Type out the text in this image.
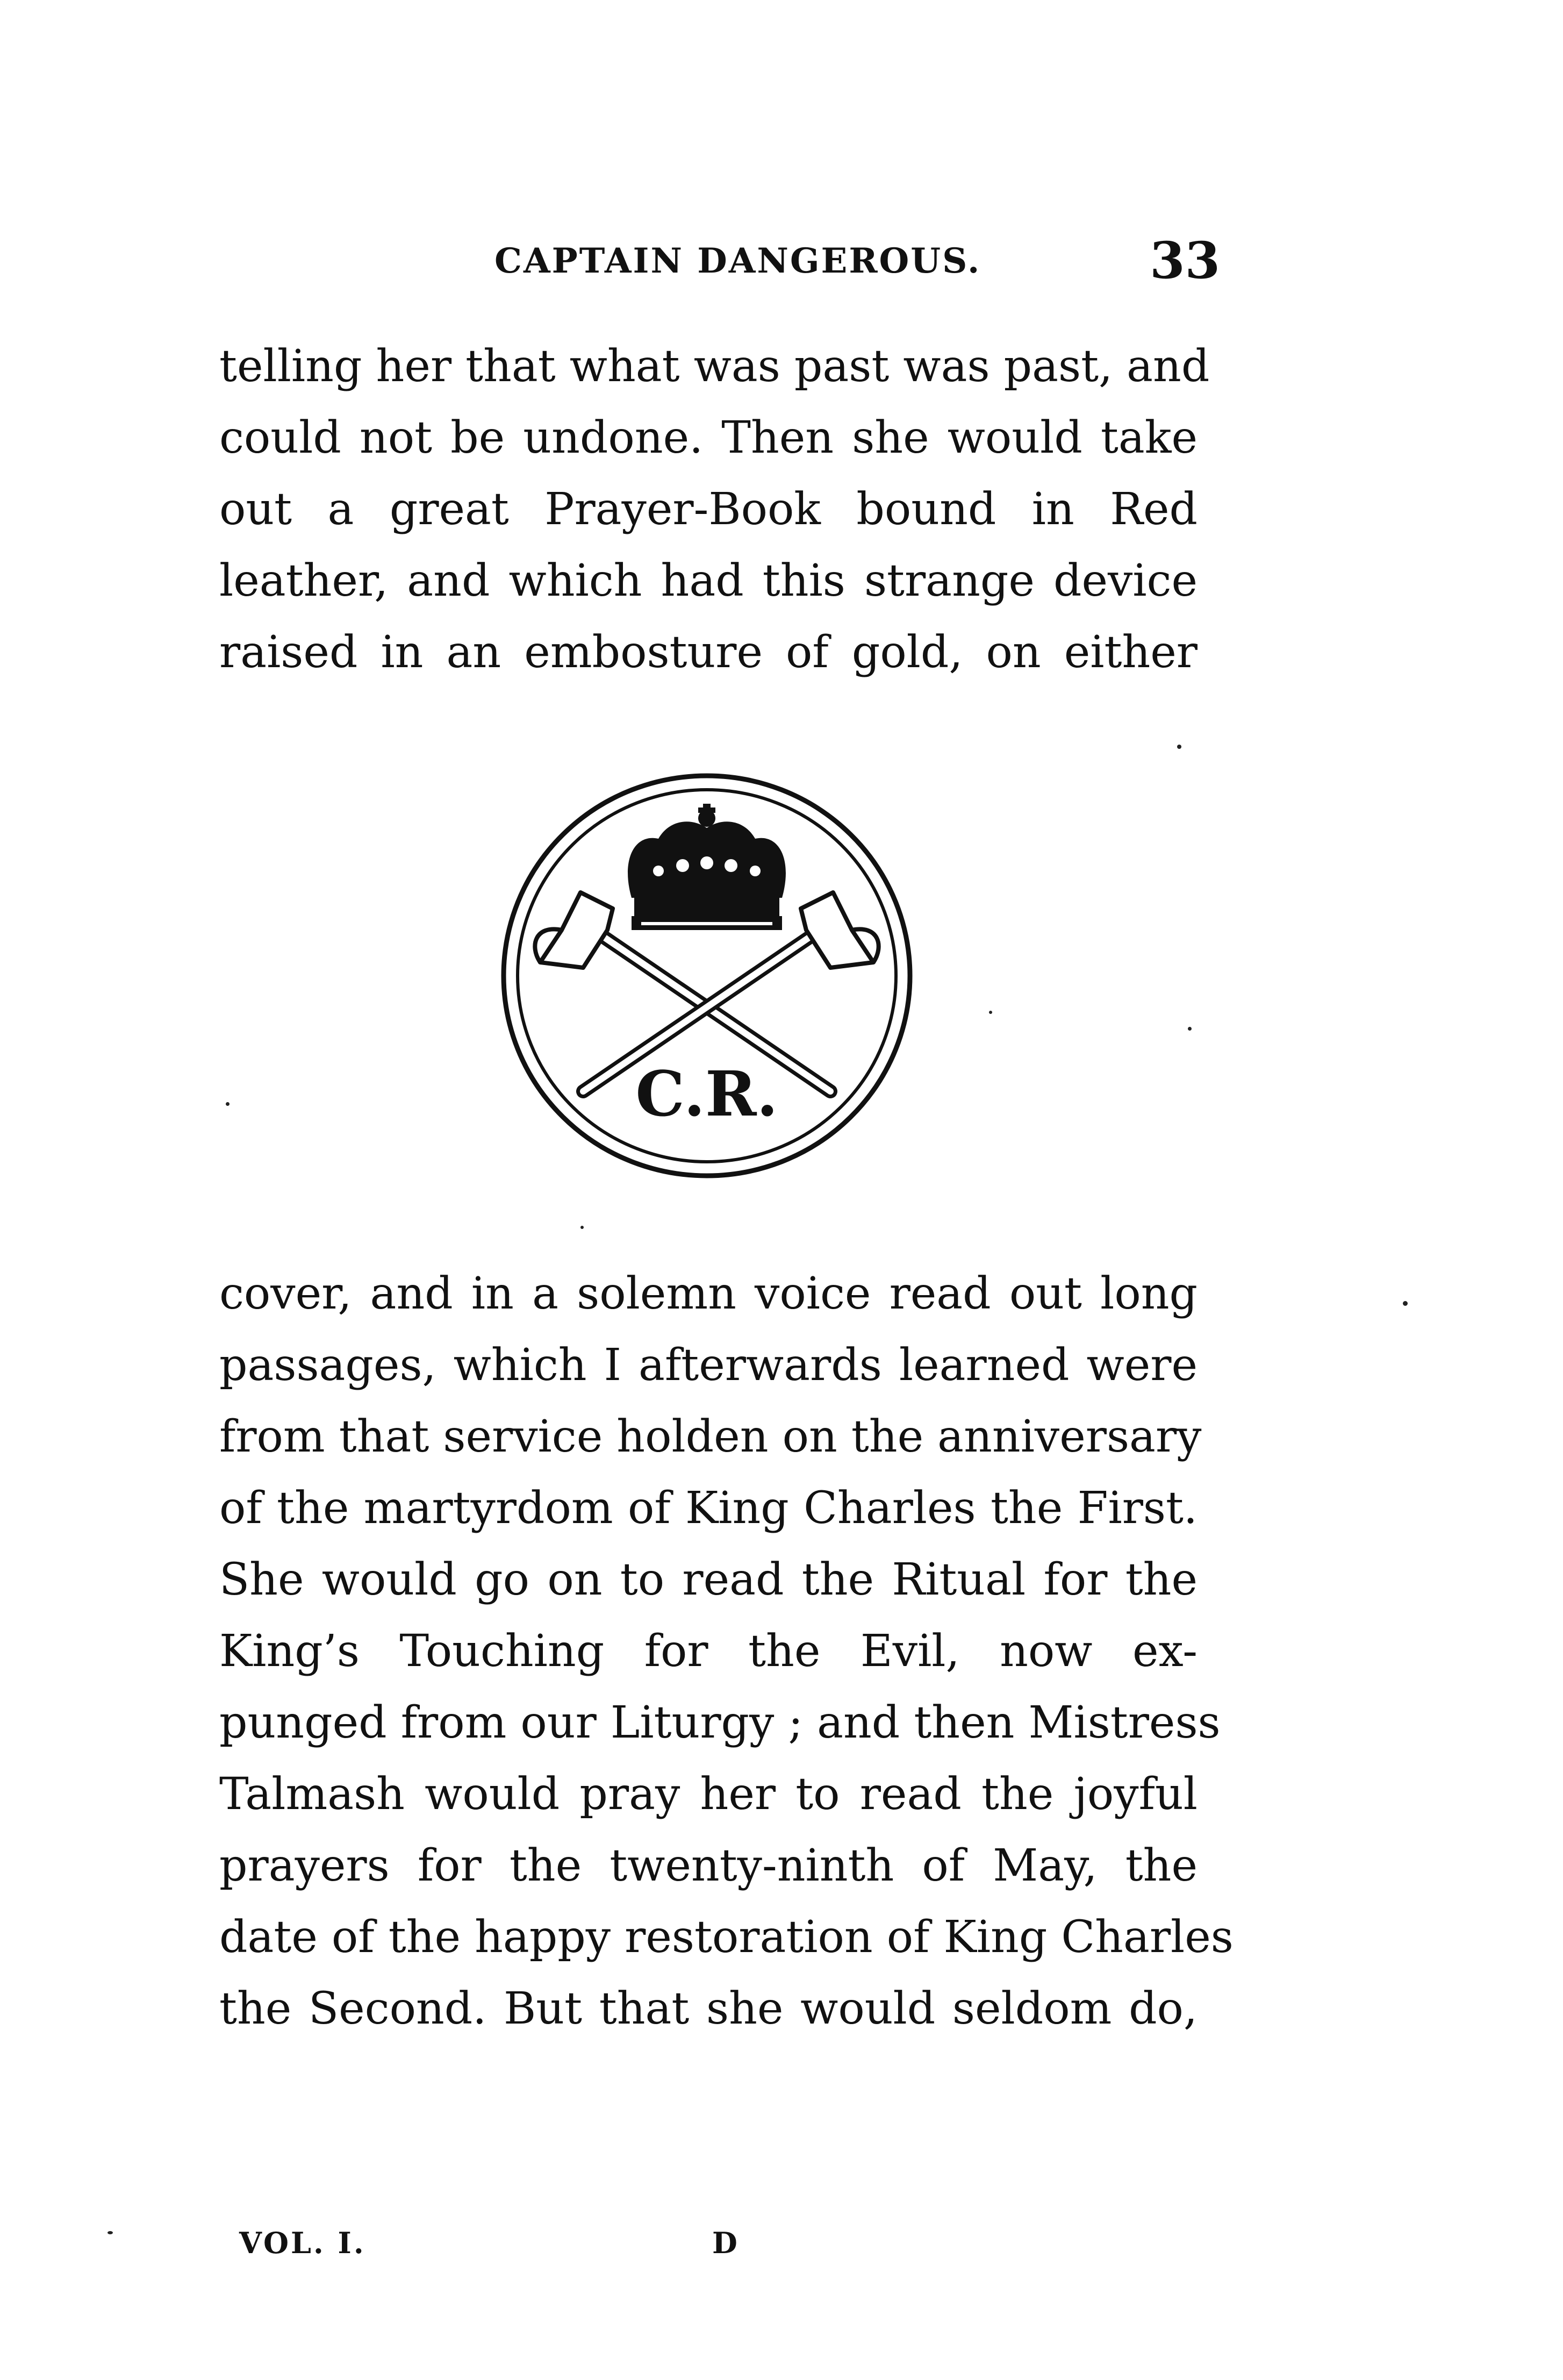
CAPTAIN DANGEROUS.	33

telling her that what was past was past, and

could not be undone. Then she would take

out a great Prayer-Book bound in Red

leather, and which had this strange device

raised in an embosture of gold, on either

C.R.

cover, and in a solemn voice read out long

passages, which I afterwards learned were

from that service holden on the anniversary

of the martyrdom of King Charles the First.

She would go on to read the Ritual for the

King’s Touching for the Evil, now ex-

punged from our Liturgy ; and then Mistress

Talmash would pray her to read the joyful

prayers for the twenty-ninth of May, the

date of the happy restoration of King Charles

the Second. But that she would seldom do,

VOL. I.	D
